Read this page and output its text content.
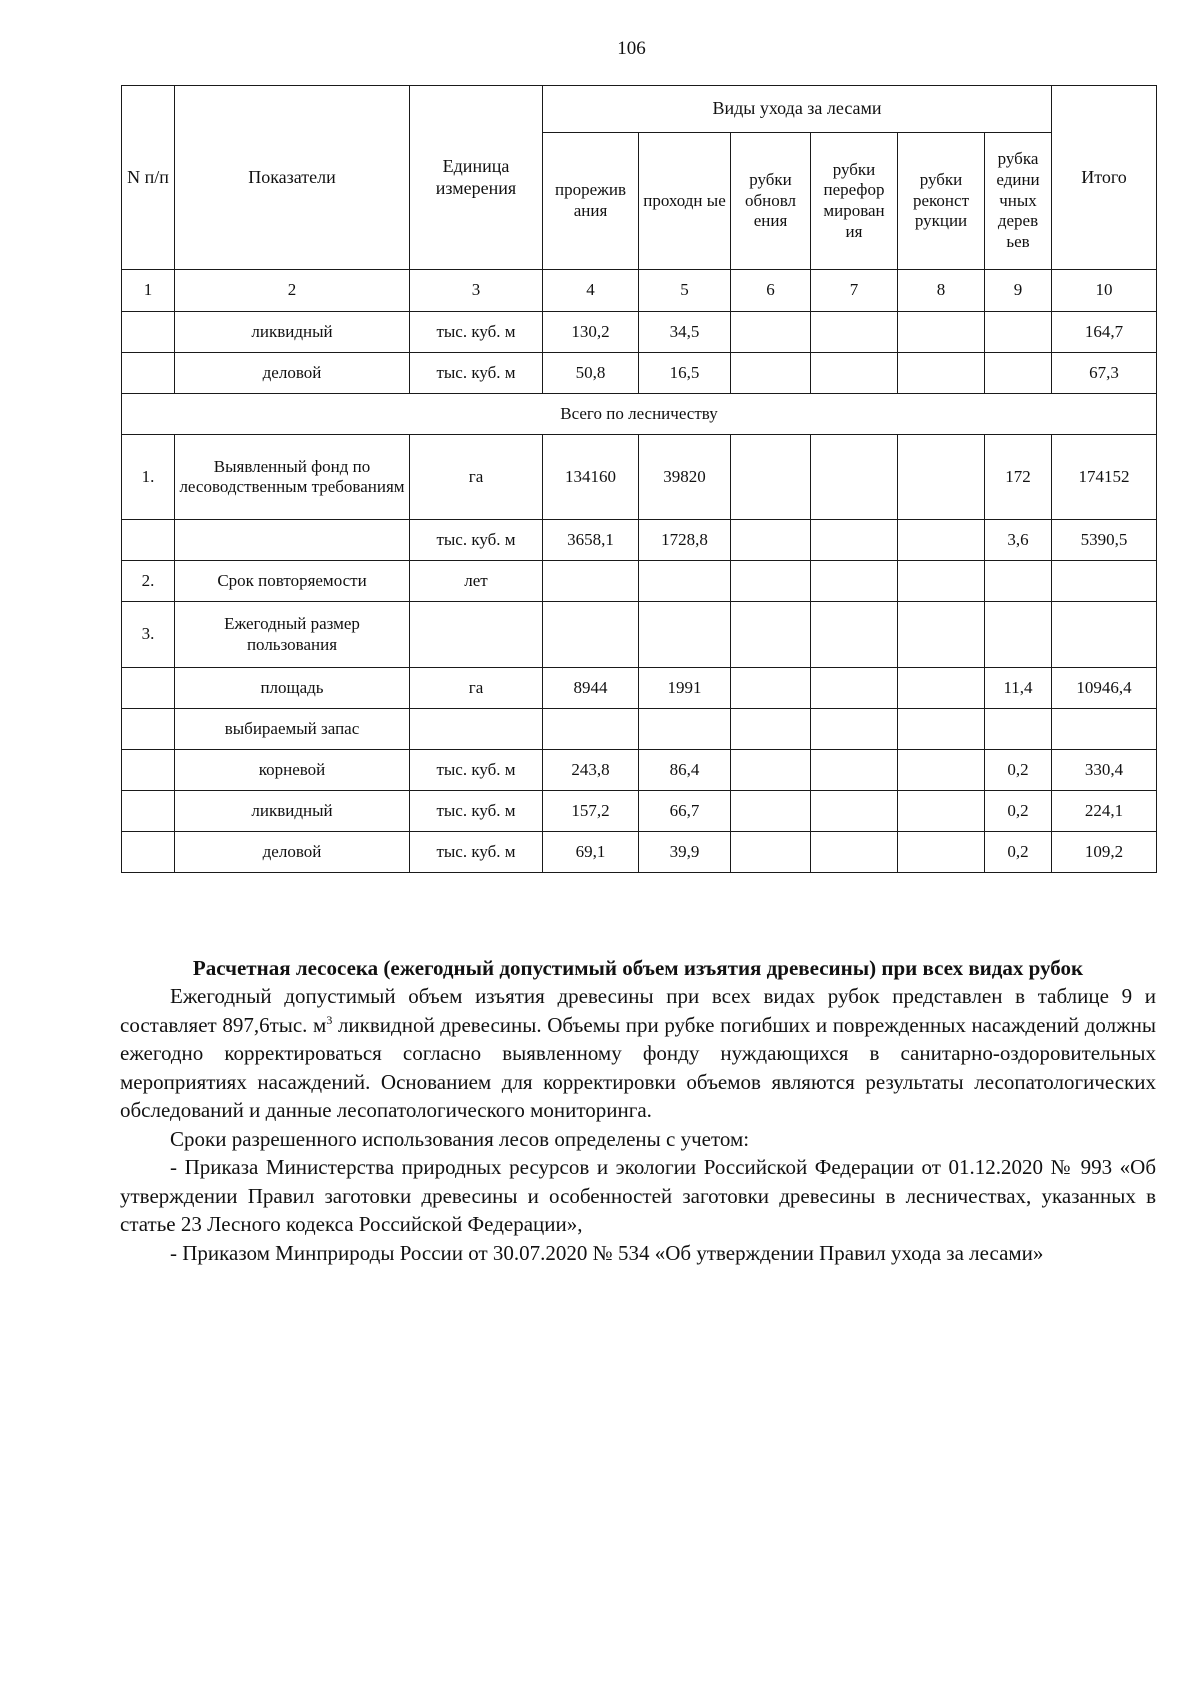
106
N п/п	Показатели	Единица измерения	Виды ухода за лесами						Итого
			прорежив ания	проходн ые	рубки обновл ения	рубки перефор мирован ия	рубки реконст рукции	рубка едини чных дерев ьев	
1	2	3	4	5	6	7	8	9	10
	ликвидный	тыс. куб. м	130,2	34,5					164,7
	деловой	тыс. куб. м	50,8	16,5					67,3
Всего по лесничеству									
1.	Выявленный фонд по лесоводственным требованиям	га	134160	39820				172	174152
		тыс. куб. м	3658,1	1728,8				3,6	5390,5
2.	Срок повторяемости	лет							
3.	Ежегодный размер пользования								
	площадь	га	8944	1991				11,4	10946,4
	выбираемый запас								
	корневой	тыс. куб. м	243,8	86,4				0,2	330,4
	ликвидный	тыс. куб. м	157,2	66,7				0,2	224,1
	деловой	тыс. куб. м	69,1	39,9				0,2	109,2
Расчетная лесосека (ежегодный допустимый объем изъятия древесины) при всех видах рубок

Ежегодный допустимый объем изъятия древесины при всех видах рубок представлен в таблице 9 и составляет 897,6тыс. $м^3$ ликвидной древесины. Объемы при рубке погибших и поврежденных насаждений должны ежегодно корректироваться согласно выявленному фонду нуждающихся в санитарно-оздоровительных мероприятиях насаждений. Основанием для корректировки объемов являются результаты лесопатологических обследований и данные лесопатологического мониторинга.

Сроки разрешенного использования лесов определены с учетом:

- Приказа Министерства природных ресурсов и экологии Российской Федерации от 01.12.2020 № 993 «Об утверждении Правил заготовки древесины и особенностей заготовки древесины в лесничествах, указанных в статье 23 Лесного кодекса Российской Федерации»,

- Приказом Минприроды России от 30.07.2020 № 534 «Об утверждении Правил ухода за лесами»
